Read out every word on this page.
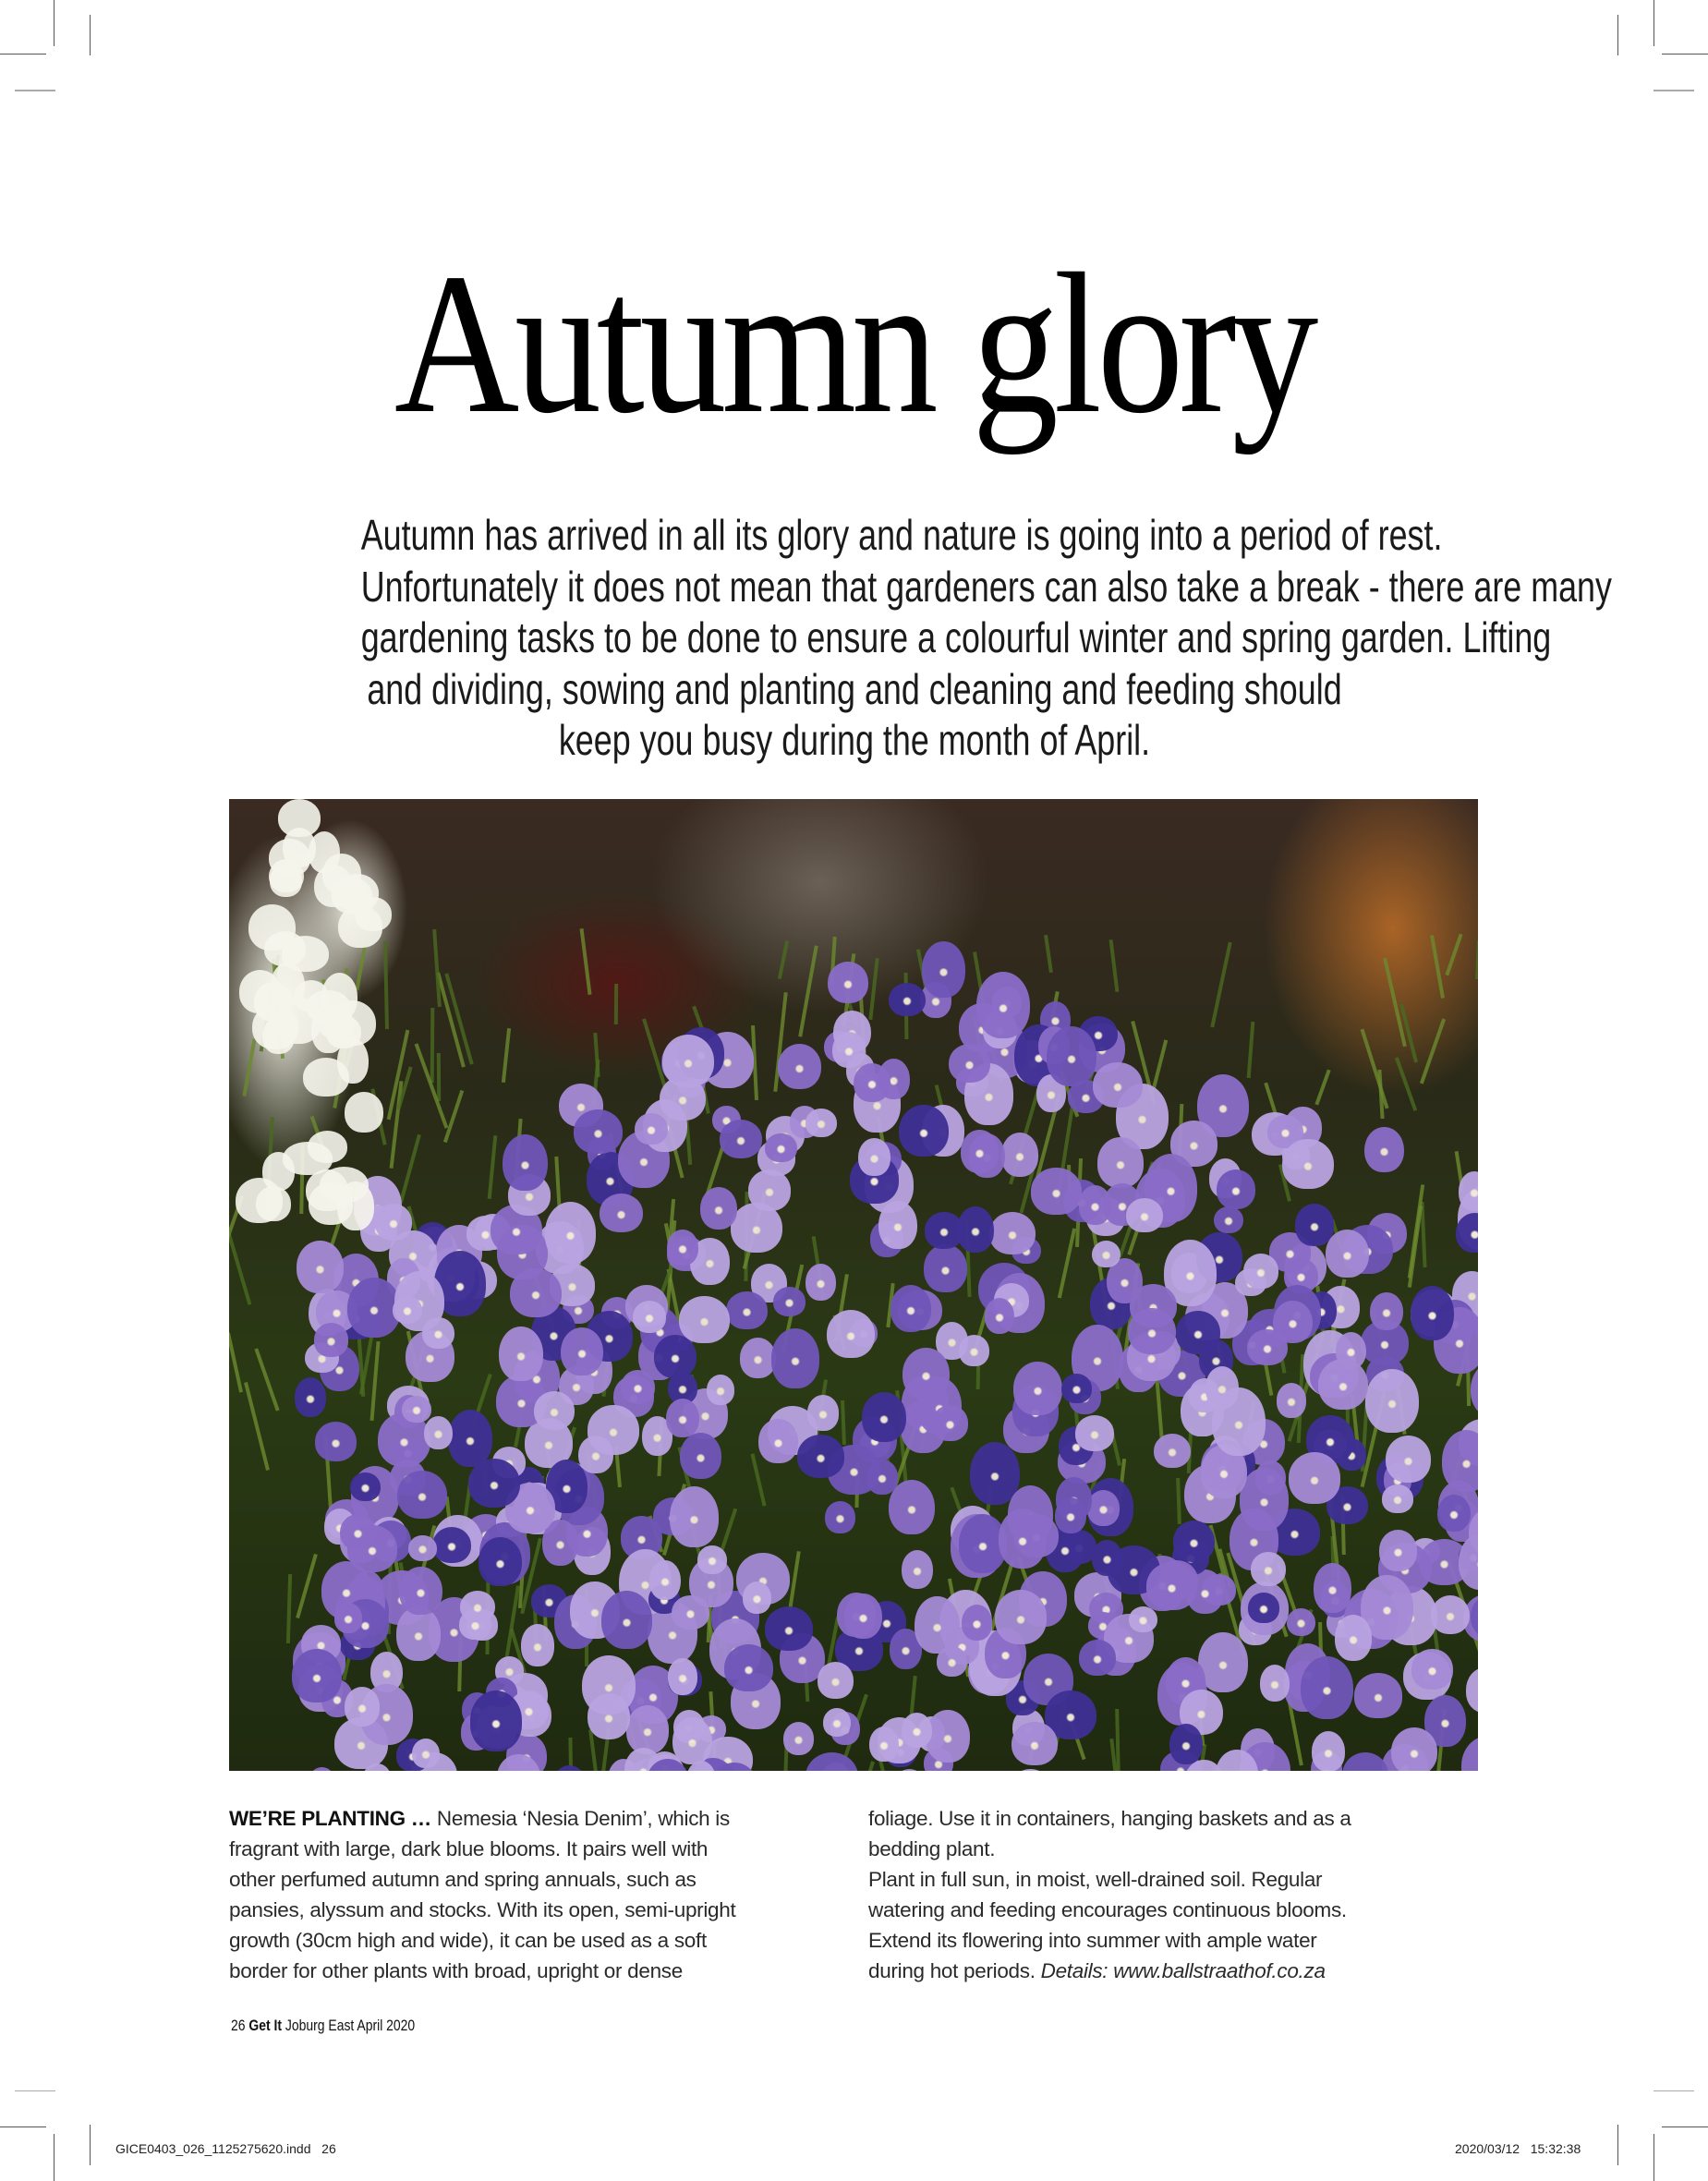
Autumn glory
Autumn has arrived in all its glory and nature is going into a period of rest.
Unfortunately it does not mean that gardeners can also take a break - there are many
gardening tasks to be done to ensure a colourful winter and spring garden. Lifting
and dividing, sowing and planting and cleaning and feeding should
keep you busy during the month of April.
WE’RE PLANTING … Nemesia ‘Nesia Denim’, which is
fragrant with large, dark blue blooms. It pairs well with
other perfumed autumn and spring annuals, such as
pansies, alyssum and stocks. With its open, semi-upright
growth (30cm high and wide), it can be used as a soft
border for other plants with broad, upright or dense
foliage. Use it in containers, hanging baskets and as a
bedding plant.
Plant in full sun, in moist, well-drained soil. Regular
watering and feeding encourages continuous blooms.
Extend its flowering into summer with ample water
during hot periods. Details: www.ballstraathof.co.za
26 Get It Joburg East April 2020
GICE0403_026_1125275620.indd   26	2020/03/12   15:32:38
